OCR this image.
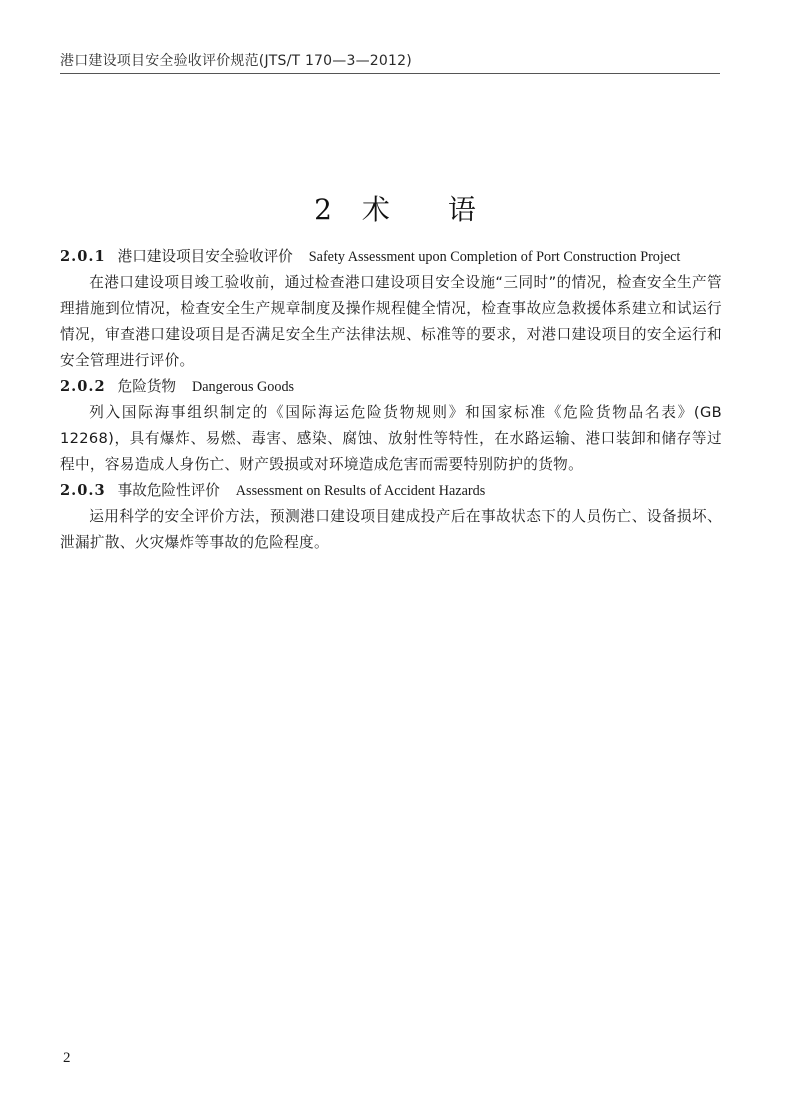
港口建设项目安全验收评价规范(JTS/T 170—3—2012)
2 术 语
2.0.1 港口建设项目安全验收评价 Safety Assessment upon Completion of Port Construction Project
在港口建设项目竣工验收前，通过检查港口建设项目安全设施“三同时”的情况，检查安全生产管理措施到位情况，检查安全生产规章制度及操作规程健全情况，检查事故应急救援体系建立和试运行情况，审查港口建设项目是否满足安全生产法律法规、标准等的要求，对港口建设项目的安全运行和安全管理进行评价。
2.0.2 危险货物 Dangerous Goods
列入国际海事组织制定的《国际海运危险货物规则》和国家标准《危险货物品名表》(GB 12268)，具有爆炸、易燃、毒害、感染、腐蚀、放射性等特性，在水路运输、港口装卸和储存等过程中，容易造成人身伤亡、财产毁损或对环境造成危害而需要特别防护的货物。
2.0.3 事故危险性评价 Assessment on Results of Accident Hazards
运用科学的安全评价方法，预测港口建设项目建成投产后在事故状态下的人员伤亡、设备损坏、泄漏扩散、火灾爆炸等事故的危险程度。
2
